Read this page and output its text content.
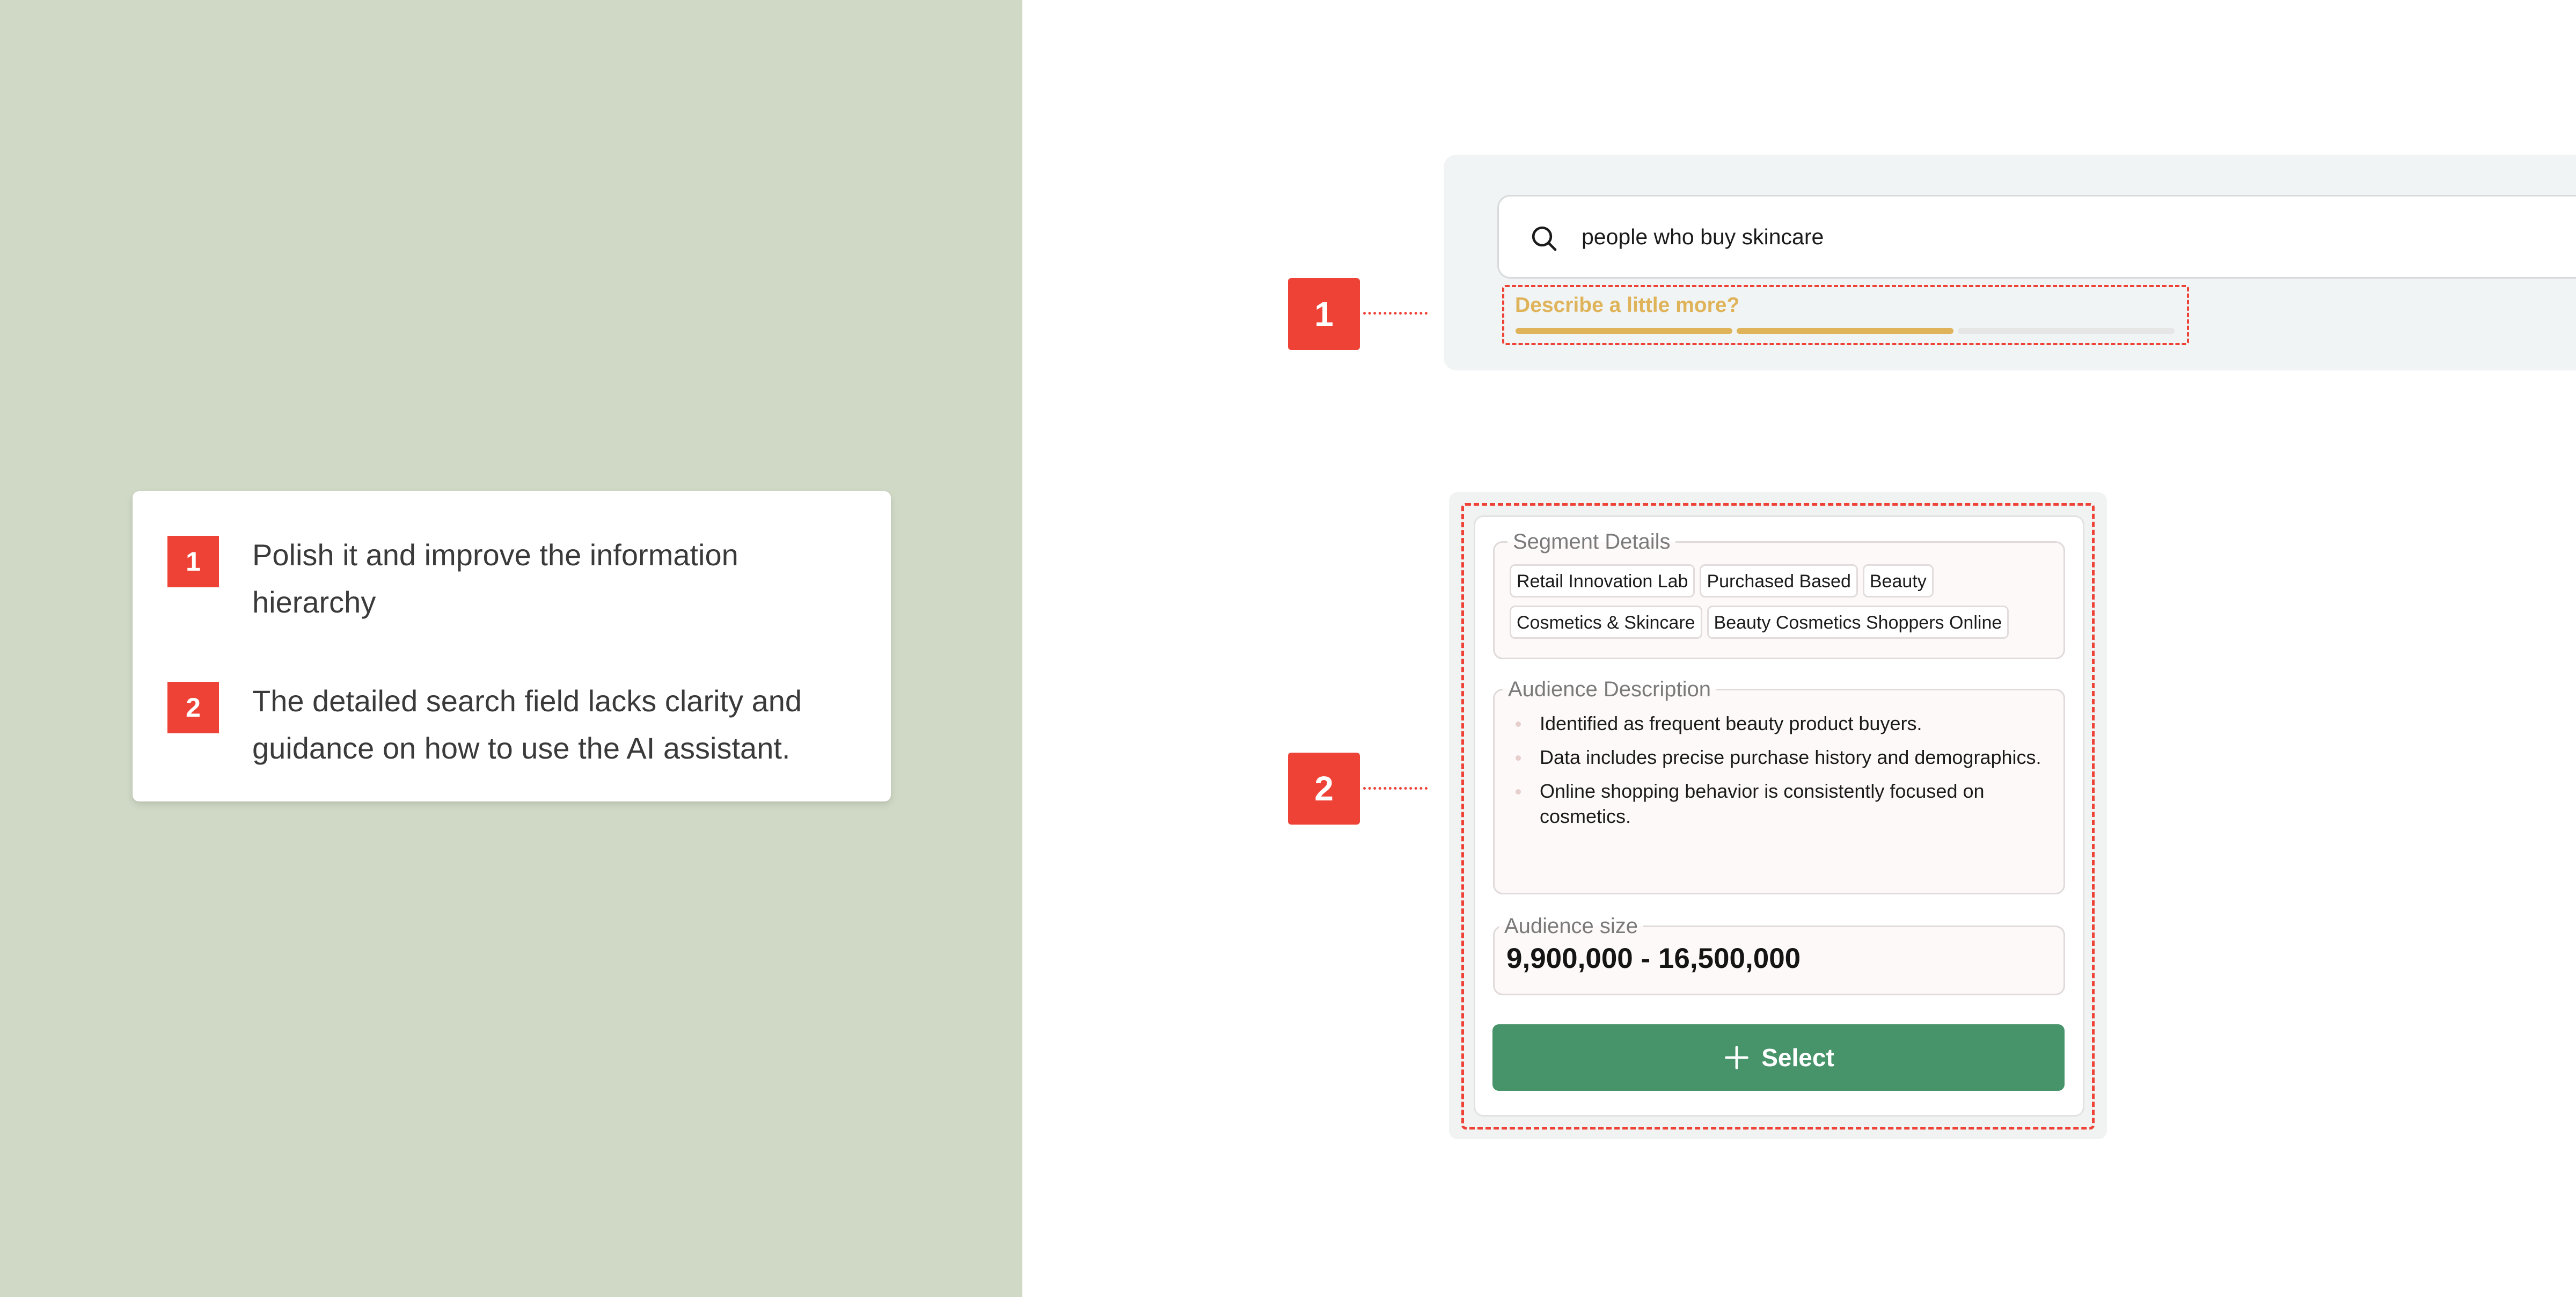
1	Polish it and improve the information hierarchy
2	The detailed search field lacks clarity and guidance on how to use the AI assistant.
1
2
people who buy skincare
Describe a little more?
Segment Details
Retail Innovation Lab Purchased Based Beauty
Cosmetics & Skincare Beauty Cosmetics Shoppers Online
Audience Description
Identified as frequent beauty product buyers.
Data includes precise purchase history and demographics.
Online shopping behavior is consistently focused on cosmetics.
Audience size
9,900,000 - 16,500,000
Select
